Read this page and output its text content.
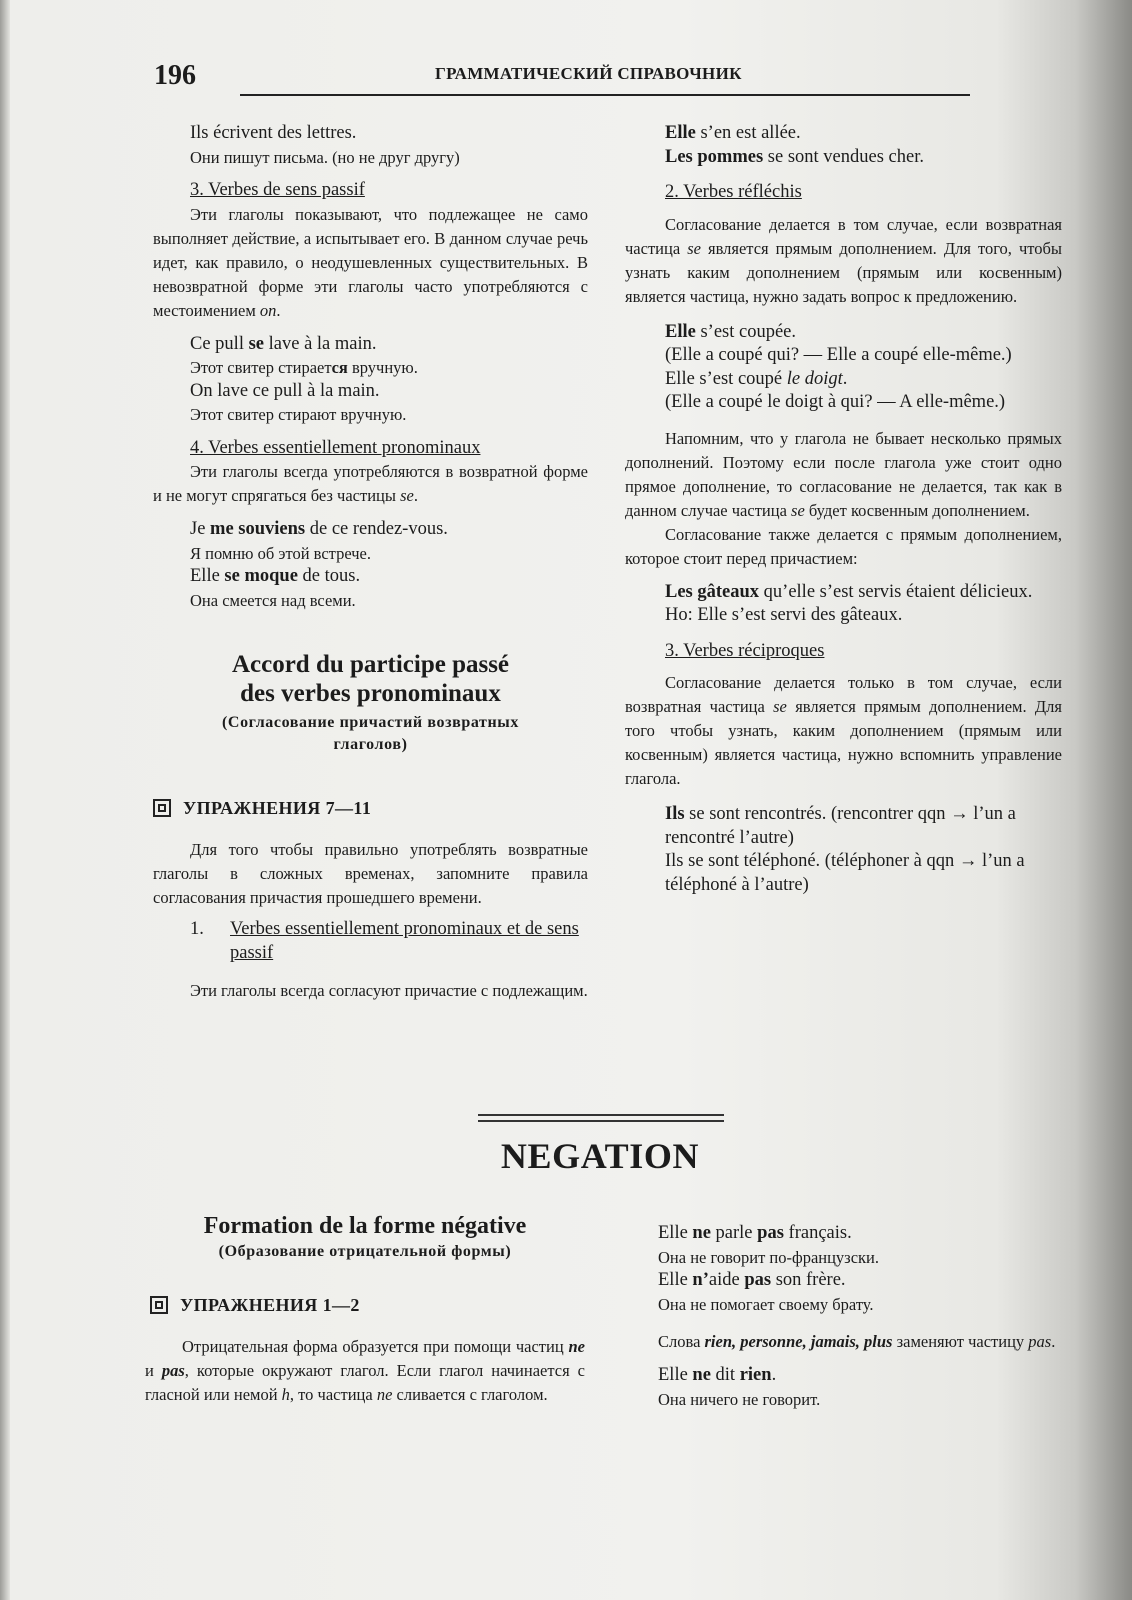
196	ГРАММАТИЧЕСКИЙ СПРАВОЧНИК

Ils écrivent des lettres.

Они пишут письма. (но не друг другу)

3. Verbes de sens passif

Эти глаголы показывают, что подлежащее не само выполняет действие, а испытывает его. В данном случае речь идет, как правило, о неодушевленных существительных. В невозвратной форме эти глаголы часто употребляются с местоимением on.

Ce pull se lave à la main.

Этот свитер стирается вручную.

On lave ce pull à la main.

Этот свитер стирают вручную.

4. Verbes essentiellement pronominaux

Эти глаголы всегда употребляются в возвратной форме и не могут спрягаться без частицы se.

Je me souviens de ce rendez-vous.

Я помню об этой встрече.

Elle se moque de tous.

Она смеется над всеми.

Accord du participe passé

des verbes pronominaux

(Согласование причастий возвратных

глаголов)

УПРАЖНЕНИЯ 7—11

Для того чтобы правильно употреблять возвратные глаголы в сложных временах, запомните правила согласования причастия прошедшего времени.

1.	Verbes essentiellement pronominaux et de sens passif

Эти глаголы всегда согласуют причастие с подлежащим.

Elle s’en est allée.

Les pommes se sont vendues cher.

2. Verbes réfléchis

Согласование делается в том случае, если возвратная частица se является прямым дополнением. Для того, чтобы узнать каким дополнением (прямым или косвенным) является частица, нужно задать вопрос к предложению.

Elle s’est coupée.

(Elle a coupé qui? — Elle a coupé elle-même.)

Elle s’est coupé le doigt.

(Elle a coupé le doigt à qui? — A elle-même.)

Напомним, что у глагола не бывает несколько прямых дополнений. Поэтому если после глагола уже стоит одно прямое дополнение, то согласование не делается, так как в данном случае частица se будет косвенным дополнением.

Согласование также делается с прямым дополнением, которое стоит перед причастием:

Les gâteaux qu’elle s’est servis étaient délicieux.

Но: Elle s’est servi des gâteaux.

3. Verbes réciproques

Согласование делается только в том случае, если возвратная частица se является прямым дополнением. Для того чтобы узнать, каким дополнением (прямым или косвенным) является частица, нужно вспомнить управление глагола.

Ils se sont rencontrés. (rencontrer qqn → l’un a rencontré l’autre)

Ils se sont téléphoné. (téléphoner à qqn → l’un a téléphoné à l’autre)

NEGATION

Formation de la forme négative

(Образование отрицательной формы)

УПРАЖНЕНИЯ 1—2

Отрицательная форма образуется при помощи частиц ne и pas, которые окружают глагол. Если глагол начинается с гласной или немой h, то частица ne сливается с глаголом.

Elle ne parle pas français.

Она не говорит по-французски.

Elle n’aide pas son frère.

Она не помогает своему брату.

Слова rien, personne, jamais, plus заменяют частицу pas.

Elle ne dit rien.

Она ничего не говорит.
